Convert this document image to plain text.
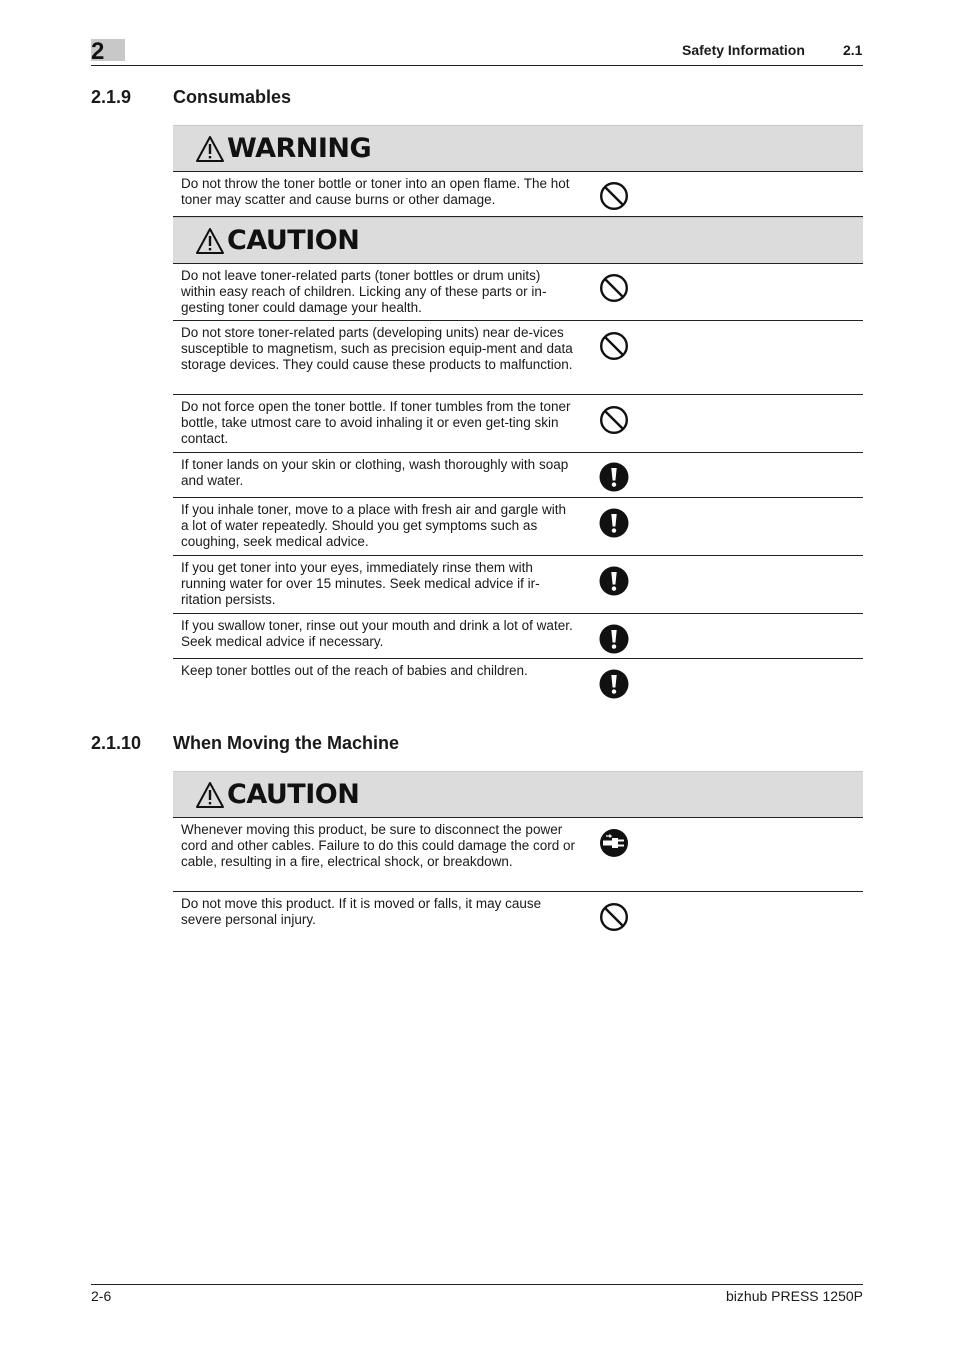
2	Safety Information	2.1
2.1.9 Consumables
WARNING
Do not throw the toner bottle or toner into an open flame. The hot toner may scatter and cause burns or other damage.
CAUTION
Do not leave toner-related parts (toner bottles or drum units) within easy reach of children. Licking any of these parts or in-gesting toner could damage your health.
Do not store toner-related parts (developing units) near de-vices susceptible to magnetism, such as precision equip-ment and data storage devices. They could cause these products to malfunction.
Do not force open the toner bottle. If toner tumbles from the toner bottle, take utmost care to avoid inhaling it or even get-ting skin contact.
If toner lands on your skin or clothing, wash thoroughly with soap and water.
If you inhale toner, move to a place with fresh air and gargle with a lot of water repeatedly. Should you get symptoms such as coughing, seek medical advice.
If you get toner into your eyes, immediately rinse them with running water for over 15 minutes. Seek medical advice if ir-ritation persists.
If you swallow toner, rinse out your mouth and drink a lot of water. Seek medical advice if necessary.
Keep toner bottles out of the reach of babies and children.
2.1.10 When Moving the Machine
CAUTION
Whenever moving this product, be sure to disconnect the power cord and other cables. Failure to do this could damage the cord or cable, resulting in a fire, electrical shock, or breakdown.
Do not move this product. If it is moved or falls, it may cause severe personal injury.
2-6	bizhub PRESS 1250P
